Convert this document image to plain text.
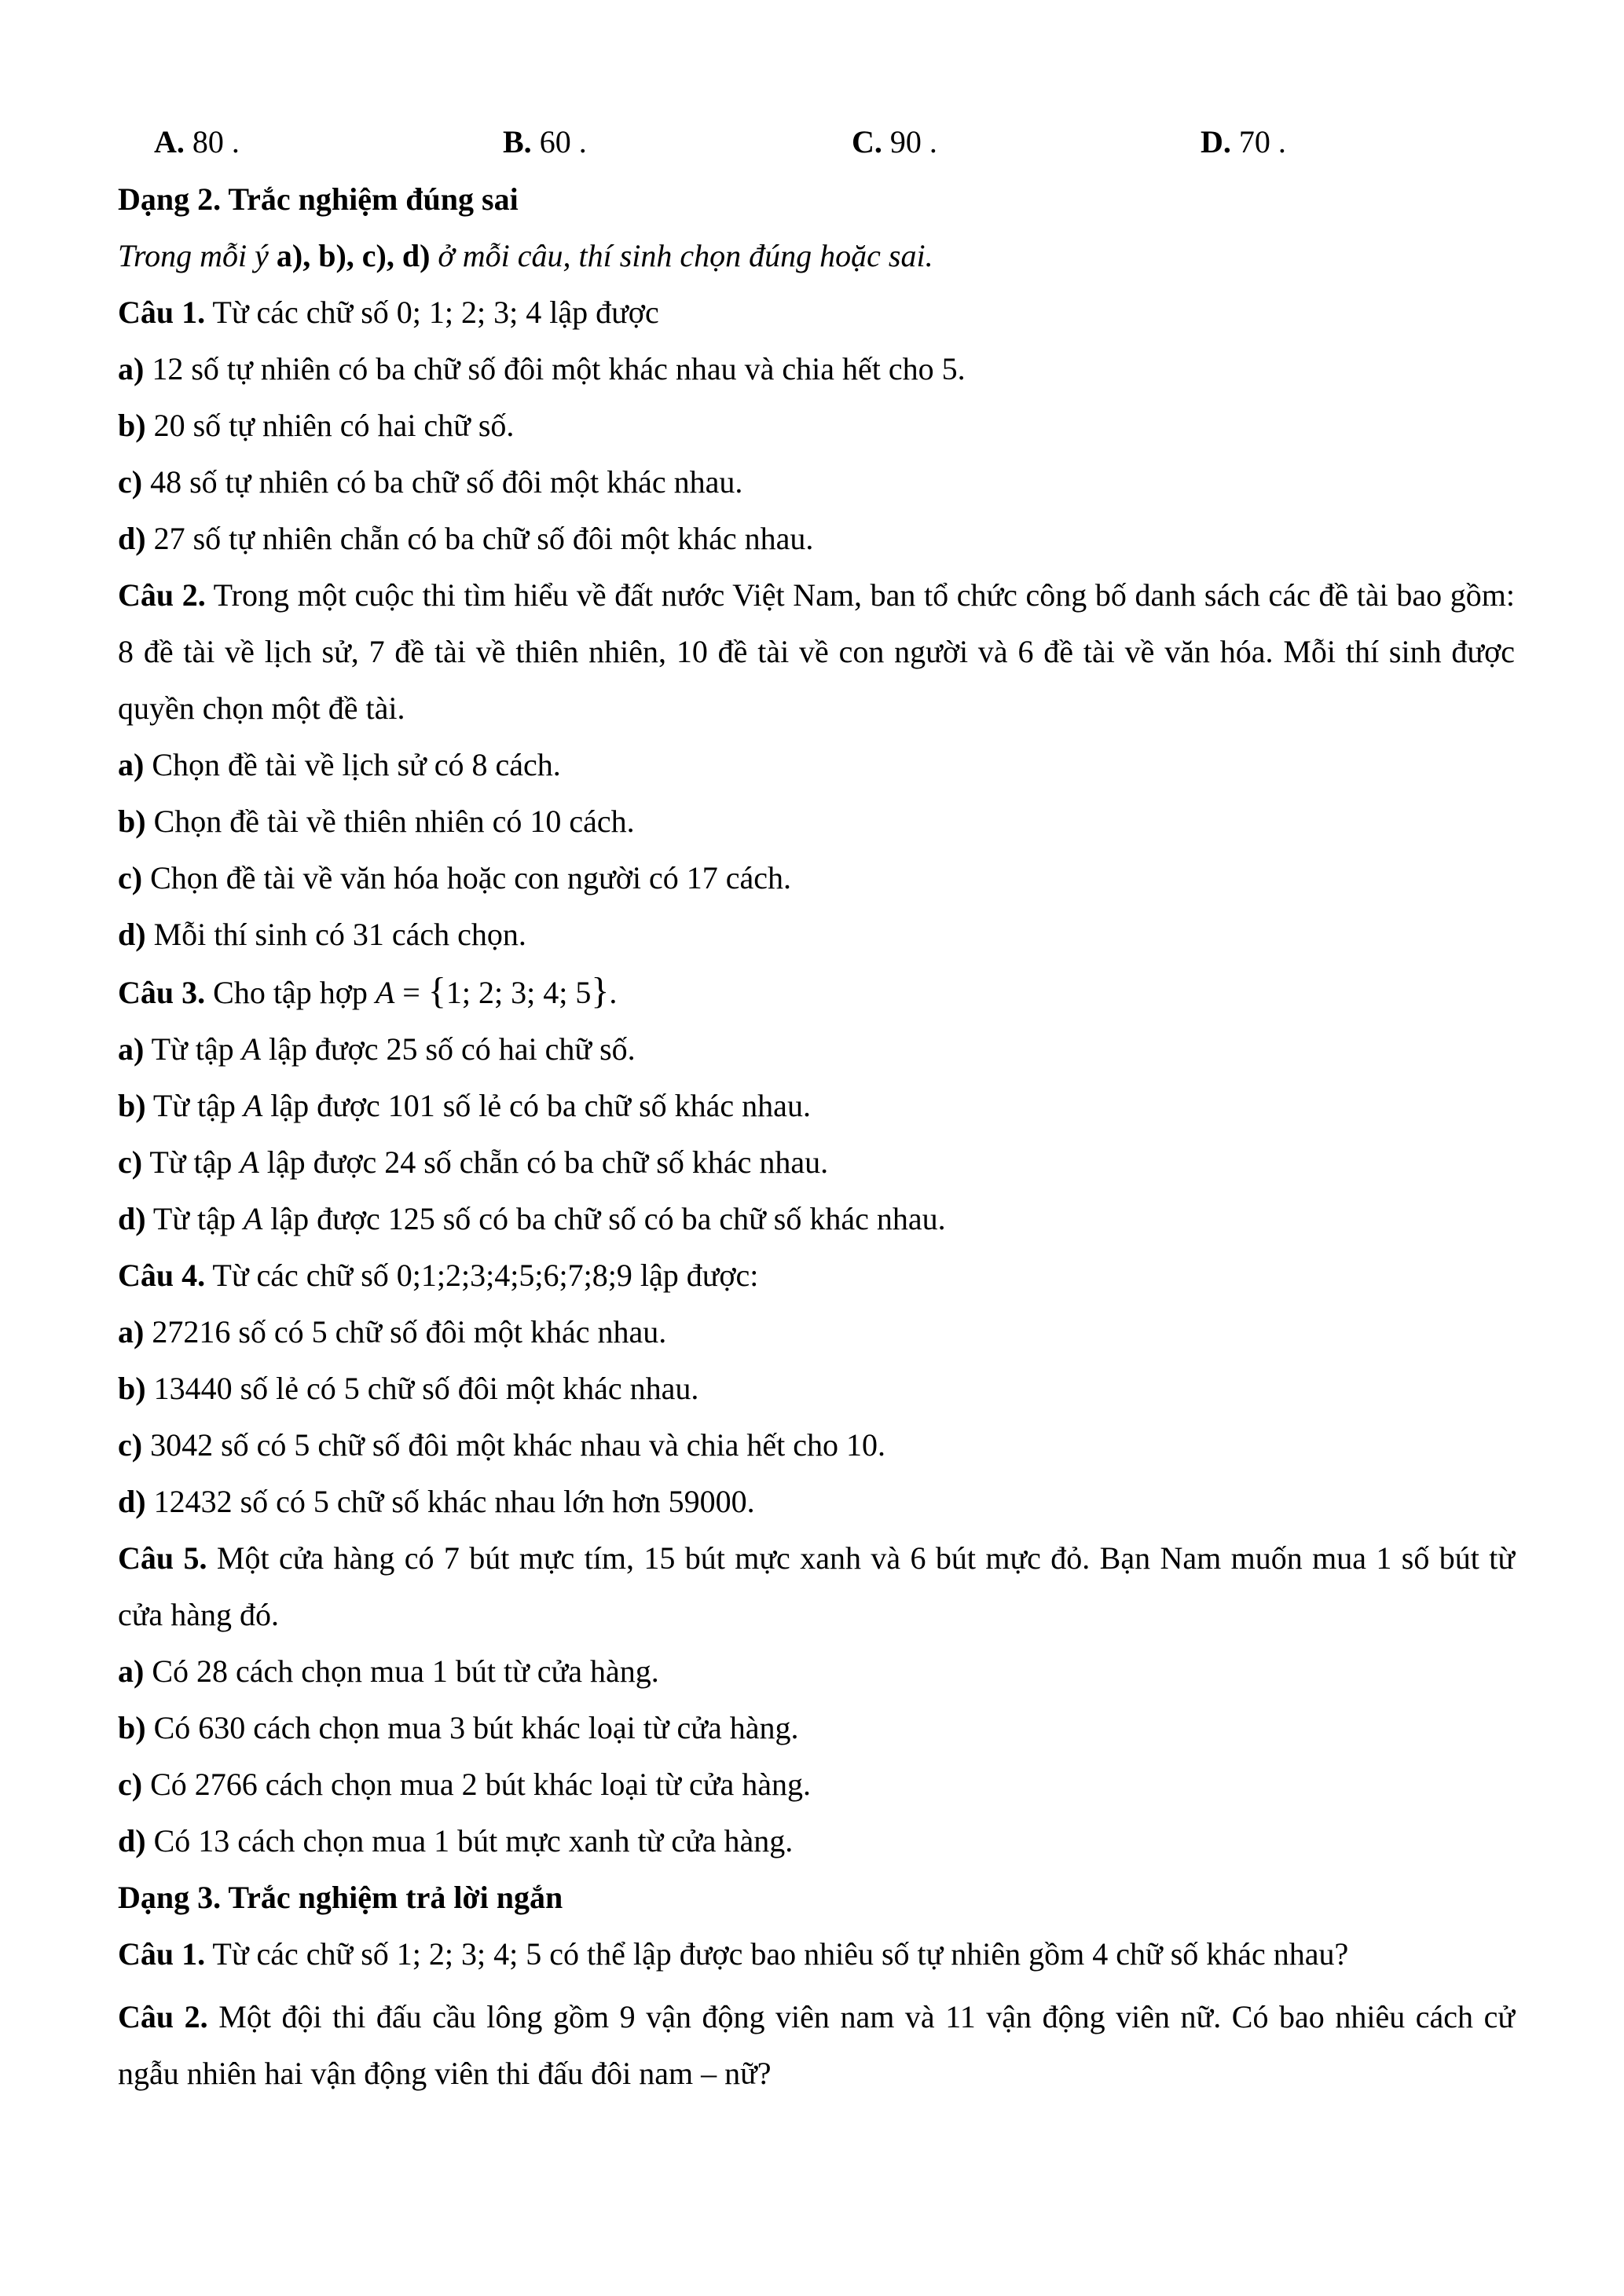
A. 80 .	B. 60 .	C. 90 .	D. 70 .

Dạng 2. Trắc nghiệm đúng sai

Trong mỗi ý a), b), c), d) ở mỗi câu, thí sinh chọn đúng hoặc sai.

Câu 1. Từ các chữ số 0; 1; 2; 3; 4 lập được

a) 12 số tự nhiên có ba chữ số đôi một khác nhau và chia hết cho 5.

b) 20 số tự nhiên có hai chữ số.

c) 48 số tự nhiên có ba chữ số đôi một khác nhau.

d) 27 số tự nhiên chẵn có ba chữ số đôi một khác nhau.

Câu 2. Trong một cuộc thi tìm hiểu về đất nước Việt Nam, ban tổ chức công bố danh sách các đề tài bao gồm: 8 đề tài về lịch sử, 7 đề tài về thiên nhiên, 10 đề tài về con người và 6 đề tài về văn hóa. Mỗi thí sinh được quyền chọn một đề tài.

a) Chọn đề tài về lịch sử có 8 cách.

b) Chọn đề tài về thiên nhiên có 10 cách.

c) Chọn đề tài về văn hóa hoặc con người có 17 cách.

d) Mỗi thí sinh có 31 cách chọn.

Câu 3. Cho tập hợp A = {1; 2; 3; 4; 5}.

a) Từ tập A lập được 25 số có hai chữ số.

b) Từ tập A lập được 101 số lẻ có ba chữ số khác nhau.

c) Từ tập A lập được 24 số chẵn có ba chữ số khác nhau.

d) Từ tập A lập được 125 số có ba chữ số có ba chữ số khác nhau.

Câu 4. Từ các chữ số 0;1;2;3;4;5;6;7;8;9 lập được:

a) 27216 số có 5 chữ số đôi một khác nhau.

b) 13440 số lẻ có 5 chữ số đôi một khác nhau.

c) 3042 số có 5 chữ số đôi một khác nhau và chia hết cho 10.

d) 12432 số có 5 chữ số khác nhau lớn hơn 59000.

Câu 5. Một cửa hàng có 7 bút mực tím, 15 bút mực xanh và 6 bút mực đỏ. Bạn Nam muốn mua 1 số bút từ cửa hàng đó.

a) Có 28 cách chọn mua 1 bút từ cửa hàng.

b) Có 630 cách chọn mua 3 bút khác loại từ cửa hàng.

c) Có 2766 cách chọn mua 2 bút khác loại từ cửa hàng.

d) Có 13 cách chọn mua 1 bút mực xanh từ cửa hàng.

Dạng 3. Trắc nghiệm trả lời ngắn

Câu 1. Từ các chữ số 1; 2; 3; 4; 5 có thể lập được bao nhiêu số tự nhiên gồm 4 chữ số khác nhau?

Câu 2. Một đội thi đấu cầu lông gồm 9 vận động viên nam và 11 vận động viên nữ. Có bao nhiêu cách cử ngẫu nhiên hai vận động viên thi đấu đôi nam – nữ?
